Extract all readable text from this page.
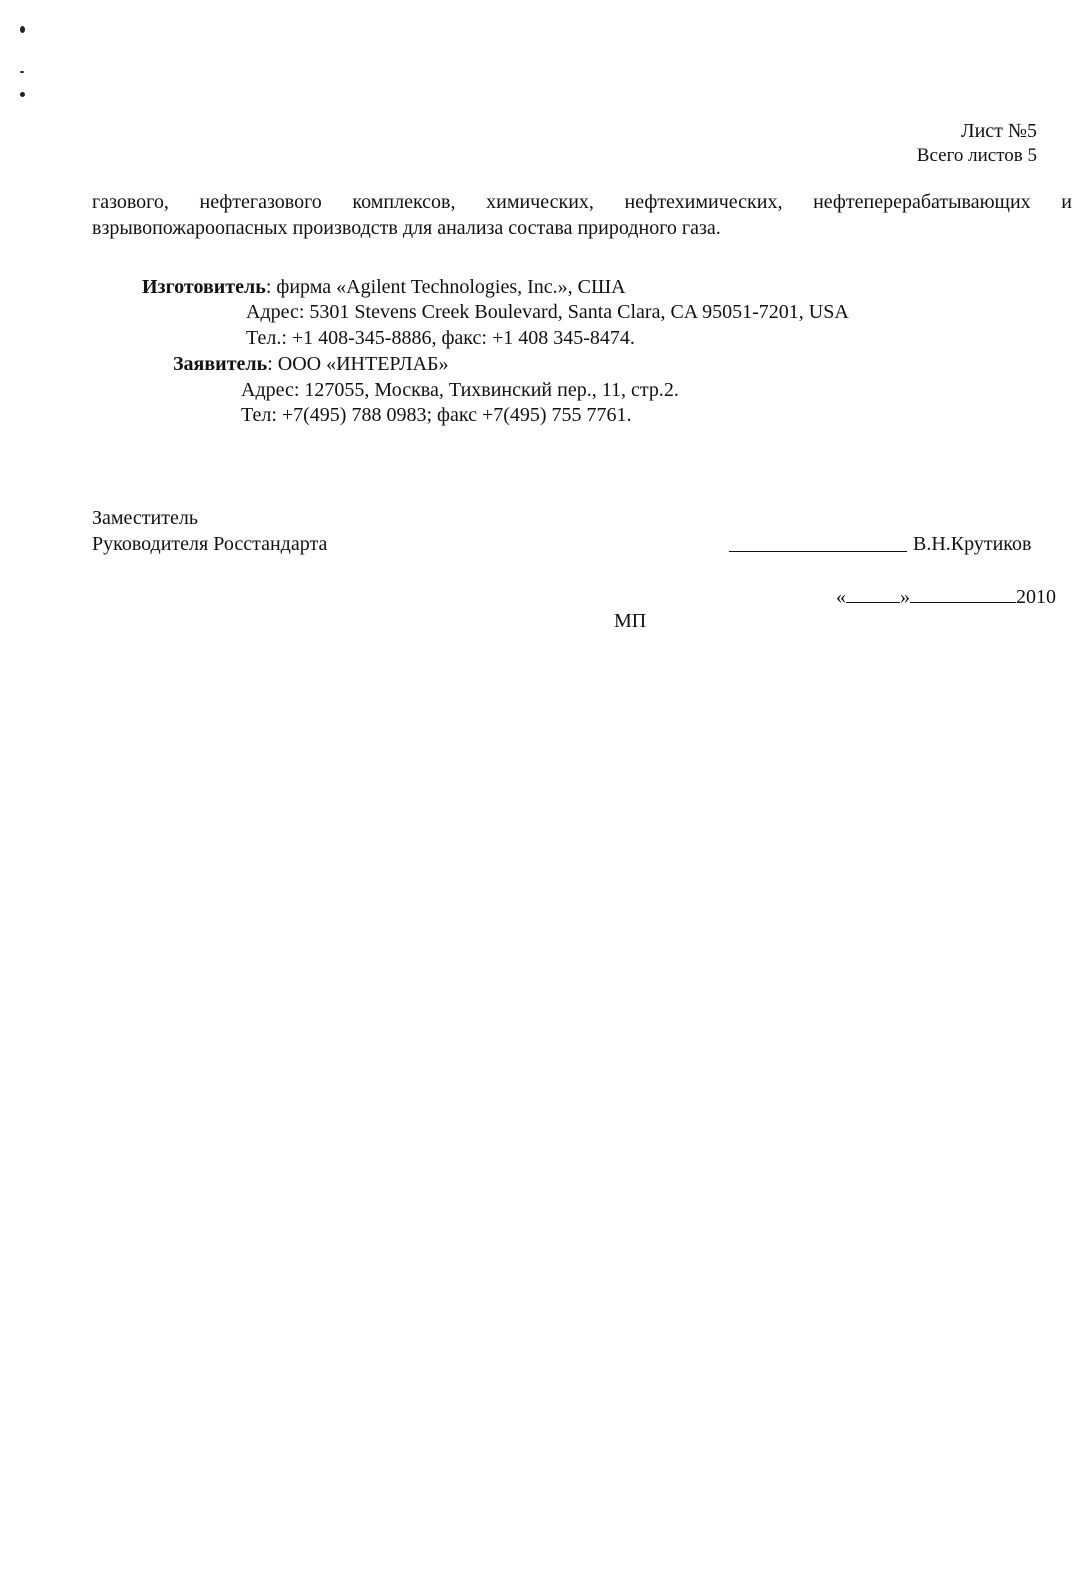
Лист №5
Всего листов 5
газового, нефтегазового комплексов, химических, нефтехимических, нефтеперерабатывающих и
взрывопожароопасных производств для анализа состава природного газа.
Изготовитель: фирма «Agilent Technologies, Inc.», США
Адрес: 5301 Stevens Creek Boulevard, Santa Clara, CA 95051-7201, USA
Тел.: +1 408-345-8886, факс: +1 408 345-8474.
Заявитель: ООО «ИНТЕРЛАБ»
Адрес: 127055, Москва, Тихвинский пер., 11, стр.2.
Тел: +7(495) 788 0983; факс +7(495) 755 7761.
Заместитель
Руководителя Росстандарта	В.Н.Крутиков
«	»	2010
МП
